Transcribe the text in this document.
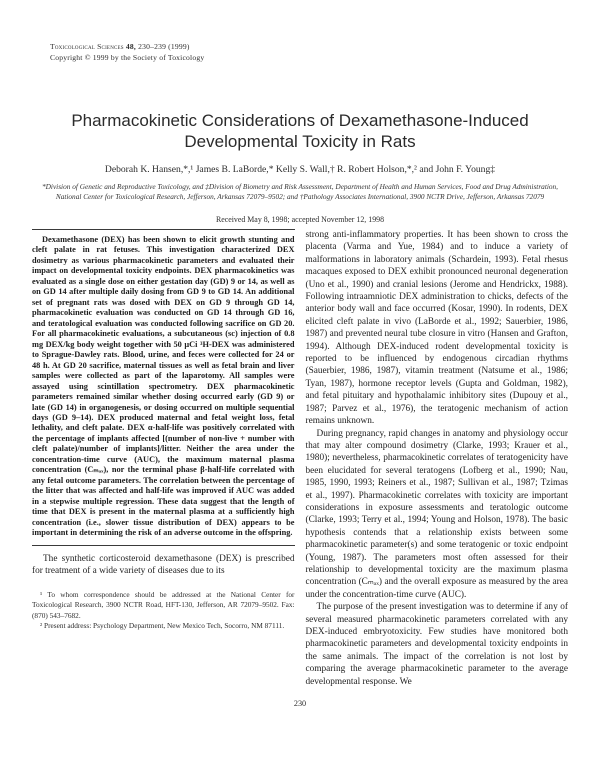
Toxicological Sciences 48, 230–239 (1999)
Copyright © 1999 by the Society of Toxicology
Pharmacokinetic Considerations of Dexamethasone-Induced Developmental Toxicity in Rats
Deborah K. Hansen,*,¹ James B. LaBorde,* Kelly S. Wall,† R. Robert Holson,*,² and John F. Young‡
*Division of Genetic and Reproductive Toxicology, and ‡Division of Biometry and Risk Assessment, Department of Health and Human Services, Food and Drug Administration, National Center for Toxicological Research, Jefferson, Arkansas 72079–9502; and †Pathology Associates International, 3900 NCTR Drive, Jefferson, Arkansas 72079
Received May 8, 1998; accepted November 12, 1998

Dexamethasone (DEX) has been shown to elicit growth stunting and cleft palate in rat fetuses. This investigation characterized DEX dosimetry as various pharmacokinetic parameters and evaluated their impact on developmental toxicity endpoints. DEX pharmacokinetics was evaluated as a single dose on either gestation day (GD) 9 or 14, as well as on GD 14 after multiple daily dosing from GD 9 to GD 14. An additional set of pregnant rats was dosed with DEX on GD 9 through GD 14, pharmacokinetic evaluation was conducted on GD 14 through GD 16, and teratological evaluation was conducted following sacrifice on GD 20. For all pharmacokinetic evaluations, a subcutaneous (sc) injection of 0.8 mg DEX/kg body weight together with 50 μCi ³H-DEX was administered to Sprague-Dawley rats. Blood, urine, and feces were collected for 24 or 48 h. At GD 20 sacrifice, maternal tissues as well as fetal brain and liver samples were collected as part of the laparotomy. All samples were assayed using scintillation spectrometry. DEX pharmacokinetic parameters remained similar whether dosing occurred early (GD 9) or late (GD 14) in organogenesis, or dosing occurred on multiple sequential days (GD 9–14). DEX produced maternal and fetal weight loss, fetal lethality, and cleft palate. DEX α-half-life was positively correlated with the percentage of implants affected [(number of non-live + number with cleft palate)/number of implants]/litter. Neither the area under the concentration-time curve (AUC), the maximum maternal plasma concentration (Cₘₐₓ), nor the terminal phase β-half-life correlated with any fetal outcome parameters. The correlation between the percentage of the litter that was affected and half-life was improved if AUC was added in a stepwise multiple regression. These data suggest that the length of time that DEX is present in the maternal plasma at a sufficiently high concentration (i.e., slower tissue distribution of DEX) appears to be important in determining the risk of an adverse outcome in the offspring.

The synthetic corticosteroid dexamethasone (DEX) is prescribed for treatment of a wide variety of diseases due to its

¹ To whom correspondence should be addressed at the National Center for Toxicological Research, 3900 NCTR Road, HFT-130, Jefferson, AR 72079–9502. Fax: (870) 543–7682.

² Present address: Psychology Department, New Mexico Tech, Socorro, NM 87111.

strong anti-inflammatory properties. It has been shown to cross the placenta (Varma and Yue, 1984) and to induce a variety of malformations in laboratory animals (Schardein, 1993). Fetal rhesus macaques exposed to DEX exhibit pronounced neuronal degeneration (Uno et al., 1990) and cranial lesions (Jerome and Hendrickx, 1988). Following intraamniotic DEX administration to chicks, defects of the anterior body wall and face occurred (Kosar, 1990). In rodents, DEX elicited cleft palate in vivo (LaBorde et al., 1992; Sauerbier, 1986, 1987) and prevented neural tube closure in vitro (Hansen and Grafton, 1994). Although DEX-induced rodent developmental toxicity is reported to be influenced by endogenous circadian rhythms (Sauerbier, 1986, 1987), vitamin treatment (Natsume et al., 1986; Tyan, 1987), hormone receptor levels (Gupta and Goldman, 1982), and fetal pituitary and hypothalamic inhibitory sites (Dupouy et al., 1987; Parvez et al., 1976), the teratogenic mechanism of action remains unknown.

During pregnancy, rapid changes in anatomy and physiology occur that may alter compound dosimetry (Clarke, 1993; Krauer et al., 1980); nevertheless, pharmacokinetic correlates of teratogenicity have been elucidated for several teratogens (Lofberg et al., 1990; Nau, 1985, 1990, 1993; Reiners et al., 1987; Sullivan et al., 1987; Tzimas et al., 1997). Pharmacokinetic correlates with toxicity are important considerations in exposure assessments and teratologic outcome (Clarke, 1993; Terry et al., 1994; Young and Holson, 1978). The basic hypothesis contends that a relationship exists between some pharmacokinetic parameter(s) and some teratogenic or toxic endpoint (Young, 1987). The parameters most often assessed for their relationship to developmental toxicity are the maximum plasma concentration (Cₘₐₓ) and the overall exposure as measured by the area under the concentration-time curve (AUC).

The purpose of the present investigation was to determine if any of several measured pharmacokinetic parameters correlated with any DEX-induced embryotoxicity. Few studies have monitored both pharmacokinetic parameters and developmental toxicity endpoints in the same animals. The impact of the correlation is not lost by comparing the average pharmacokinetic parameter to the average developmental response. We

230
